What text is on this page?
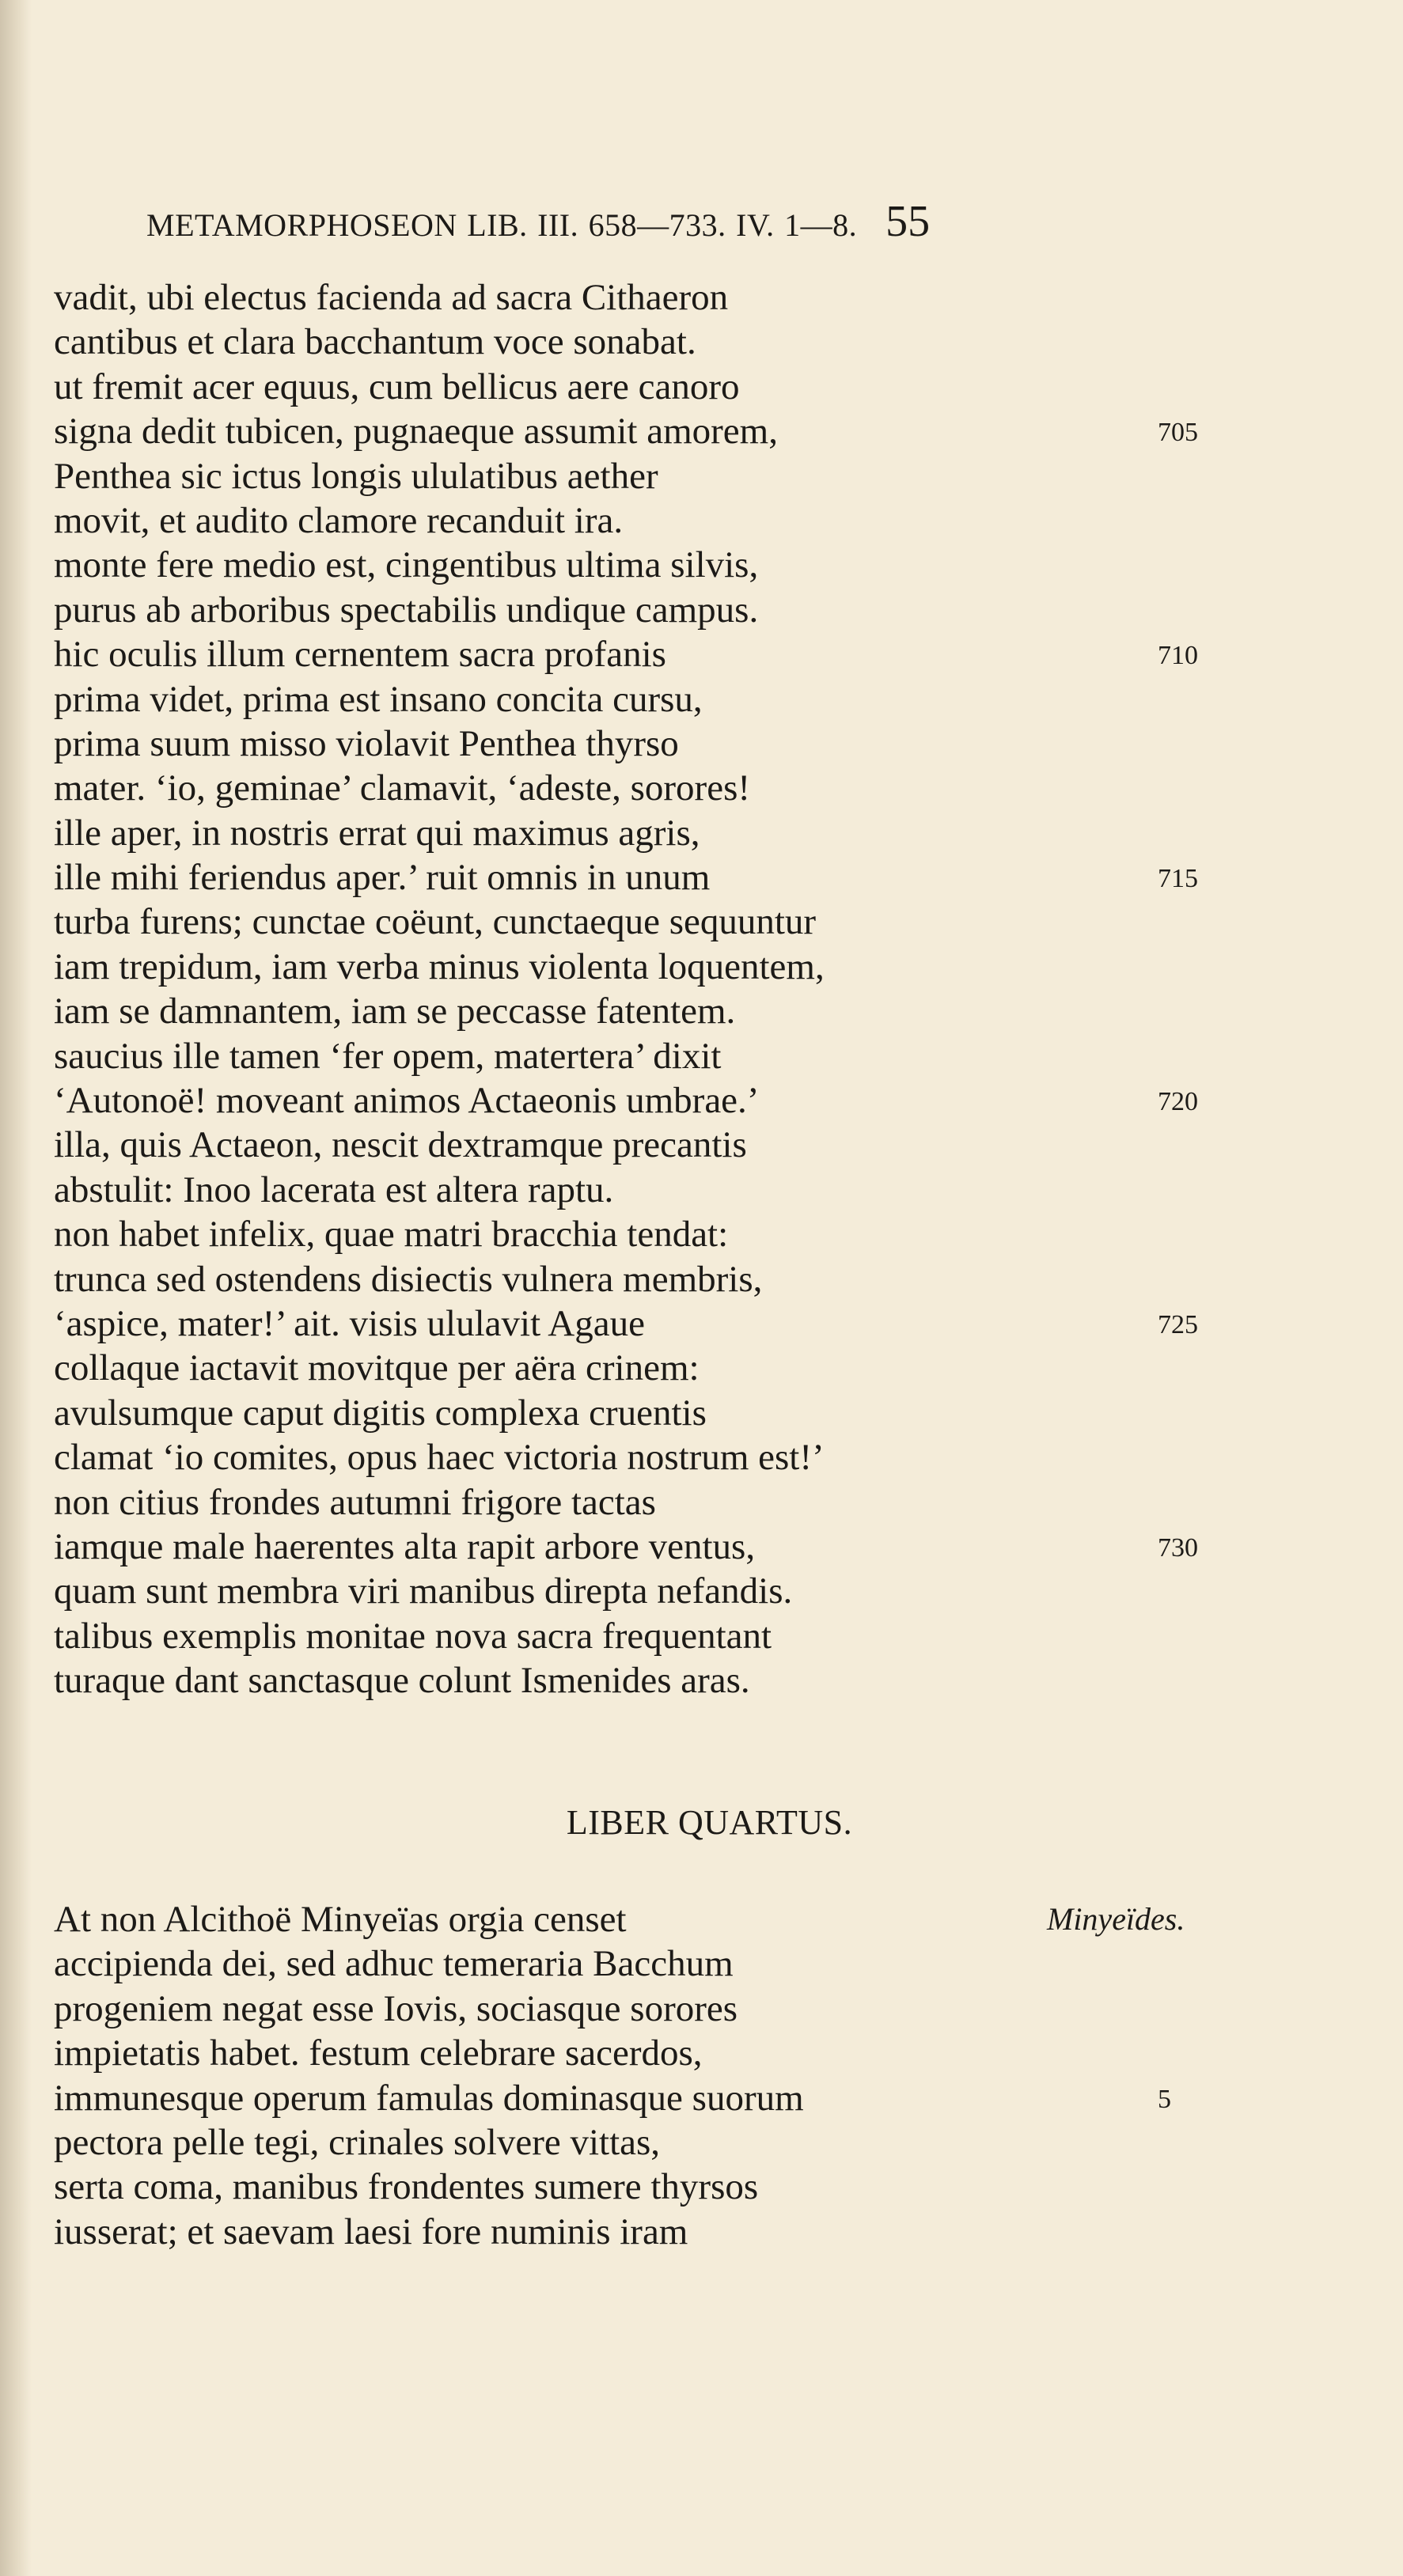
METAMORPHOSEON LIB. III. 658—733. IV. 1—8. 55
vadit, ubi electus facienda ad sacra Cithaeron
cantibus et clara bacchantum voce sonabat.
ut fremit acer equus, cum bellicus aere canoro
signa dedit tubicen, pugnaeque assumit amorem,	705
Penthea sic ictus longis ululatibus aether
movit, et audito clamore recanduit ira.
monte fere medio est, cingentibus ultima silvis,
purus ab arboribus spectabilis undique campus.
hic oculis illum cernentem sacra profanis	710
prima videt, prima est insano concita cursu,
prima suum misso violavit Penthea thyrso
mater. ‘io, geminae’ clamavit, ‘adeste, sorores!
ille aper, in nostris errat qui maximus agris,
ille mihi feriendus aper.’ ruit omnis in unum	715
turba furens; cunctae coëunt, cunctaeque sequuntur
iam trepidum, iam verba minus violenta loquentem,
iam se damnantem, iam se peccasse fatentem.
saucius ille tamen ‘fer opem, matertera’ dixit
‘Autonoë! moveant animos Actaeonis umbrae.’	720
illa, quis Actaeon, nescit dextramque precantis
abstulit: Inoo lacerata est altera raptu.
non habet infelix, quae matri bracchia tendat:
trunca sed ostendens disiectis vulnera membris,
‘aspice, mater!’ ait. visis ululavit Agaue	725
collaque iactavit movitque per aëra crinem:
avulsumque caput digitis complexa cruentis
clamat ‘io comites, opus haec victoria nostrum est!’
non citius frondes autumni frigore tactas
iamque male haerentes alta rapit arbore ventus,	730
quam sunt membra viri manibus direpta nefandis.
talibus exemplis monitae nova sacra frequentant
turaque dant sanctasque colunt Ismenides aras.
LIBER QUARTUS.
At non Alcithoë Minyeïas orgia censet	Minyeïdes.
accipienda dei, sed adhuc temeraria Bacchum
progeniem negat esse Iovis, sociasque sorores
impietatis habet. festum celebrare sacerdos,
immunesque operum famulas dominasque suorum	5
pectora pelle tegi, crinales solvere vittas,
serta coma, manibus frondentes sumere thyrsos
iusserat; et saevam laesi fore numinis iram
